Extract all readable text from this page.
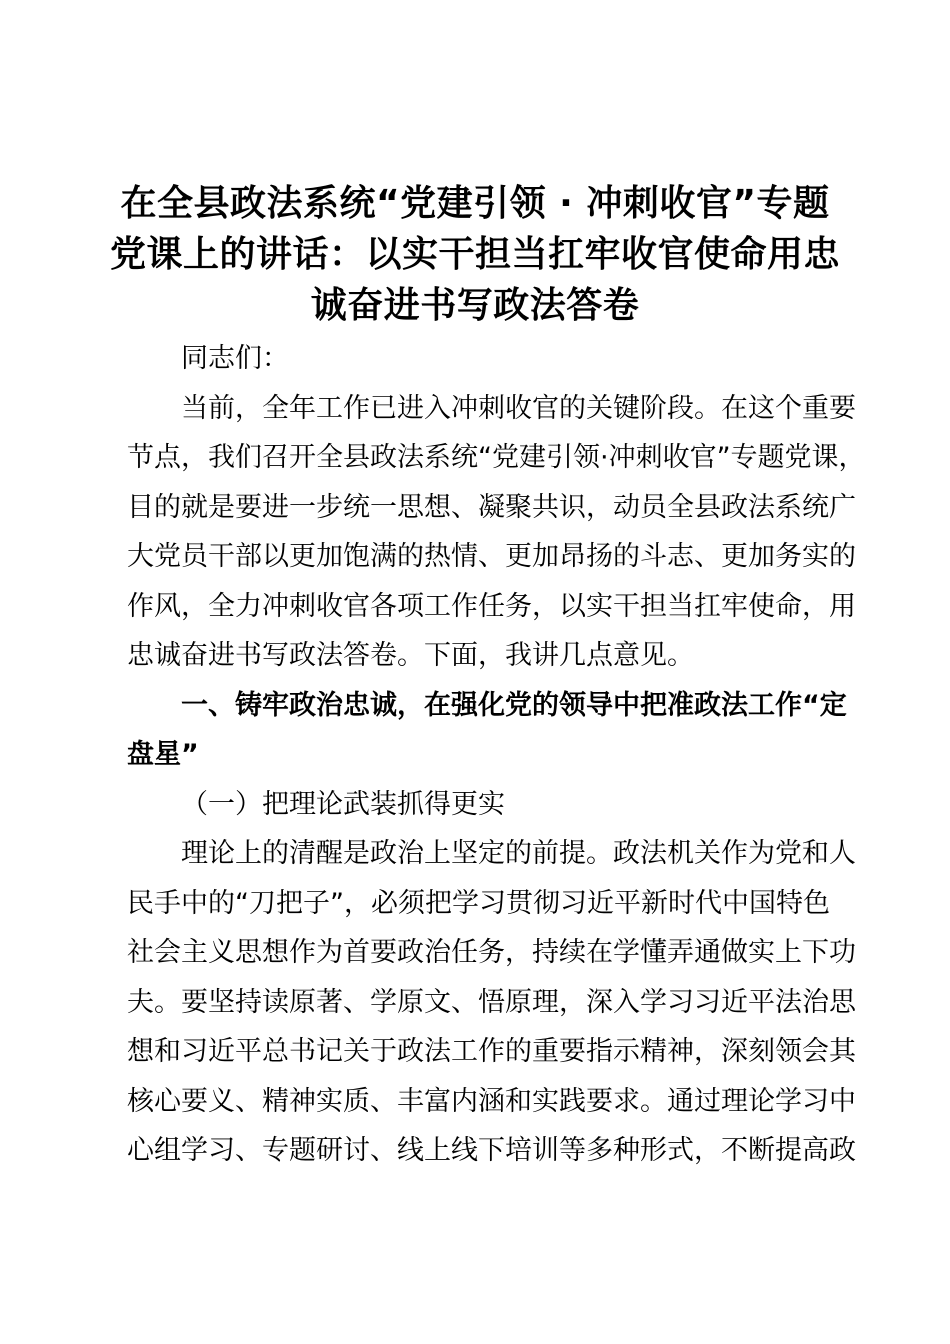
在全县政法系统“党建引领 · 冲刺收官”专题
党课上的讲话：以实干担当扛牢收官使命用忠
诚奋进书写政法答卷

同志们：

当前，全年工作已进入冲刺收官的关键阶段。在这个重要
节点，我们召开全县政法系统“党建引领·冲刺收官”专题党课，
目的就是要进一步统一思想、凝聚共识，动员全县政法系统广
大党员干部以更加饱满的热情、更加昂扬的斗志、更加务实的
作风，全力冲刺收官各项工作任务，以实干担当扛牢使命，用
忠诚奋进书写政法答卷。下面，我讲几点意见。

一、铸牢政治忠诚，在强化党的领导中把准政法工作“定
盘星”

（一）把理论武装抓得更实

理论上的清醒是政治上坚定的前提。政法机关作为党和人
民手中的“刀把子”，必须把学习贯彻习近平新时代中国特色
社会主义思想作为首要政治任务，持续在学懂弄通做实上下功
夫。要坚持读原著、学原文、悟原理，深入学习习近平法治思
想和习近平总书记关于政法工作的重要指示精神，深刻领会其
核心要义、精神实质、丰富内涵和实践要求。通过理论学习中
心组学习、专题研讨、线上线下培训等多种形式，不断提高政
